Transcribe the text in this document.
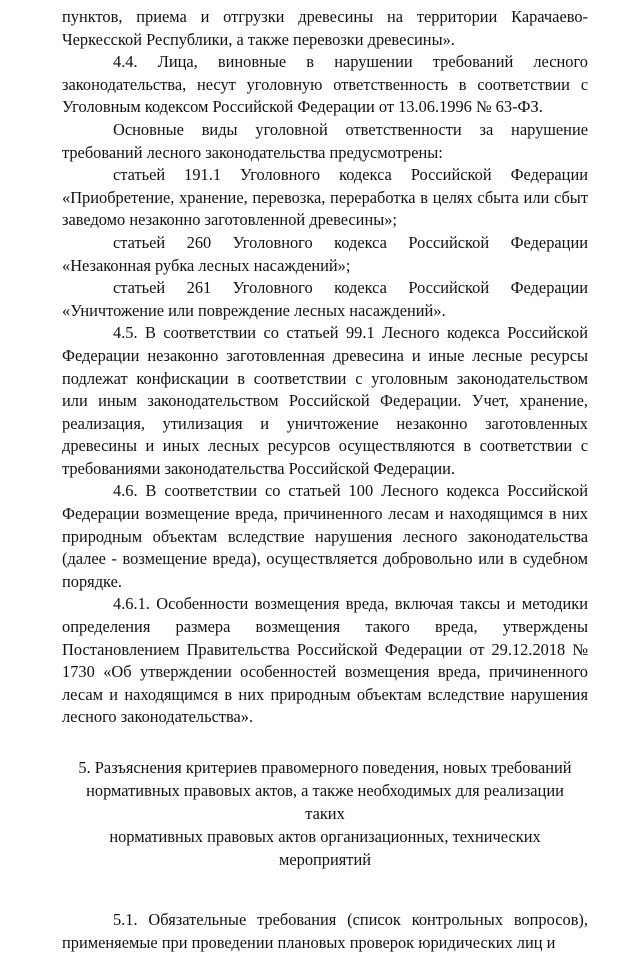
пунктов, приема и отгрузки древесины на территории Карачаево-Черкесской Республики, а также перевозки древесины».

4.4. Лица, виновные в нарушении требований лесного законодательства, несут уголовную ответственность в соответствии с Уголовным кодексом Российской Федерации от 13.06.1996 № 63-ФЗ.

Основные виды уголовной ответственности за нарушение требований лесного законодательства предусмотрены:

статьей 191.1 Уголовного кодекса Российской Федерации «Приобретение, хранение, перевозка, переработка в целях сбыта или сбыт заведомо незаконно заготовленной древесины»;

статьей 260 Уголовного кодекса Российской Федерации «Незаконная рубка лесных насаждений»;

статьей 261 Уголовного кодекса Российской Федерации «Уничтожение или повреждение лесных насаждений».

4.5. В соответствии со статьей 99.1 Лесного кодекса Российской Федерации незаконно заготовленная древесина и иные лесные ресурсы подлежат конфискации в соответствии с уголовным законодательством или иным законодательством Российской Федерации. Учет, хранение, реализация, утилизация и уничтожение незаконно заготовленных древесины и иных лесных ресурсов осуществляются в соответствии с требованиями законодательства Российской Федерации.

4.6. В соответствии со статьей 100 Лесного кодекса Российской Федерации возмещение вреда, причиненного лесам и находящимся в них природным объектам вследствие нарушения лесного законодательства (далее - возмещение вреда), осуществляется добровольно или в судебном порядке.

4.6.1. Особенности возмещения вреда, включая таксы и методики определения размера возмещения такого вреда, утверждены Постановлением Правительства Российской Федерации от 29.12.2018 № 1730 «Об утверждении особенностей возмещения вреда, причиненного лесам и находящимся в них природным объектам вследствие нарушения лесного законодательства».

5. Разъяснения критериев правомерного поведения, новых требований
нормативных правовых актов, а также необходимых для реализации таких
нормативных правовых актов организационных, технических мероприятий

5.1. Обязательные требования (список контрольных вопросов), применяемые при проведении плановых проверок юридических лиц и
